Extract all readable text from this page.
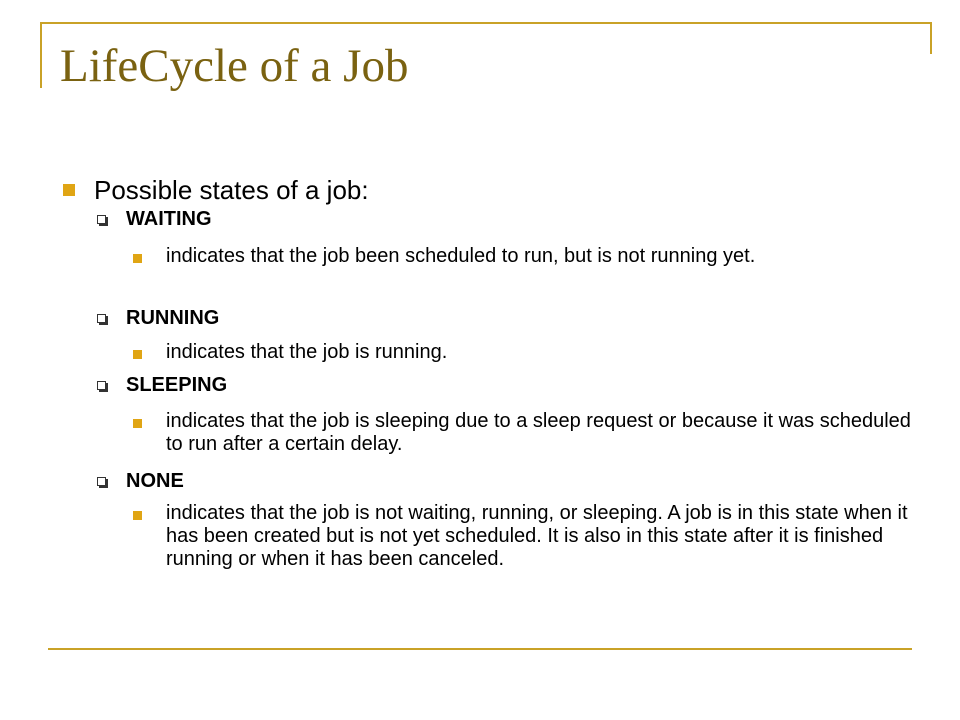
LifeCycle of a Job
Possible states of a job:
WAITING
indicates that the job been scheduled to run, but is not running yet.
RUNNING
indicates that the job is running.
SLEEPING
indicates that the job is sleeping due to a sleep request or because it was scheduled to run after a certain delay.
NONE
indicates that the job is not waiting, running, or sleeping. A job is in this state when it has been created but is not yet scheduled. It is also in this state after it is finished running or when it has been canceled.
